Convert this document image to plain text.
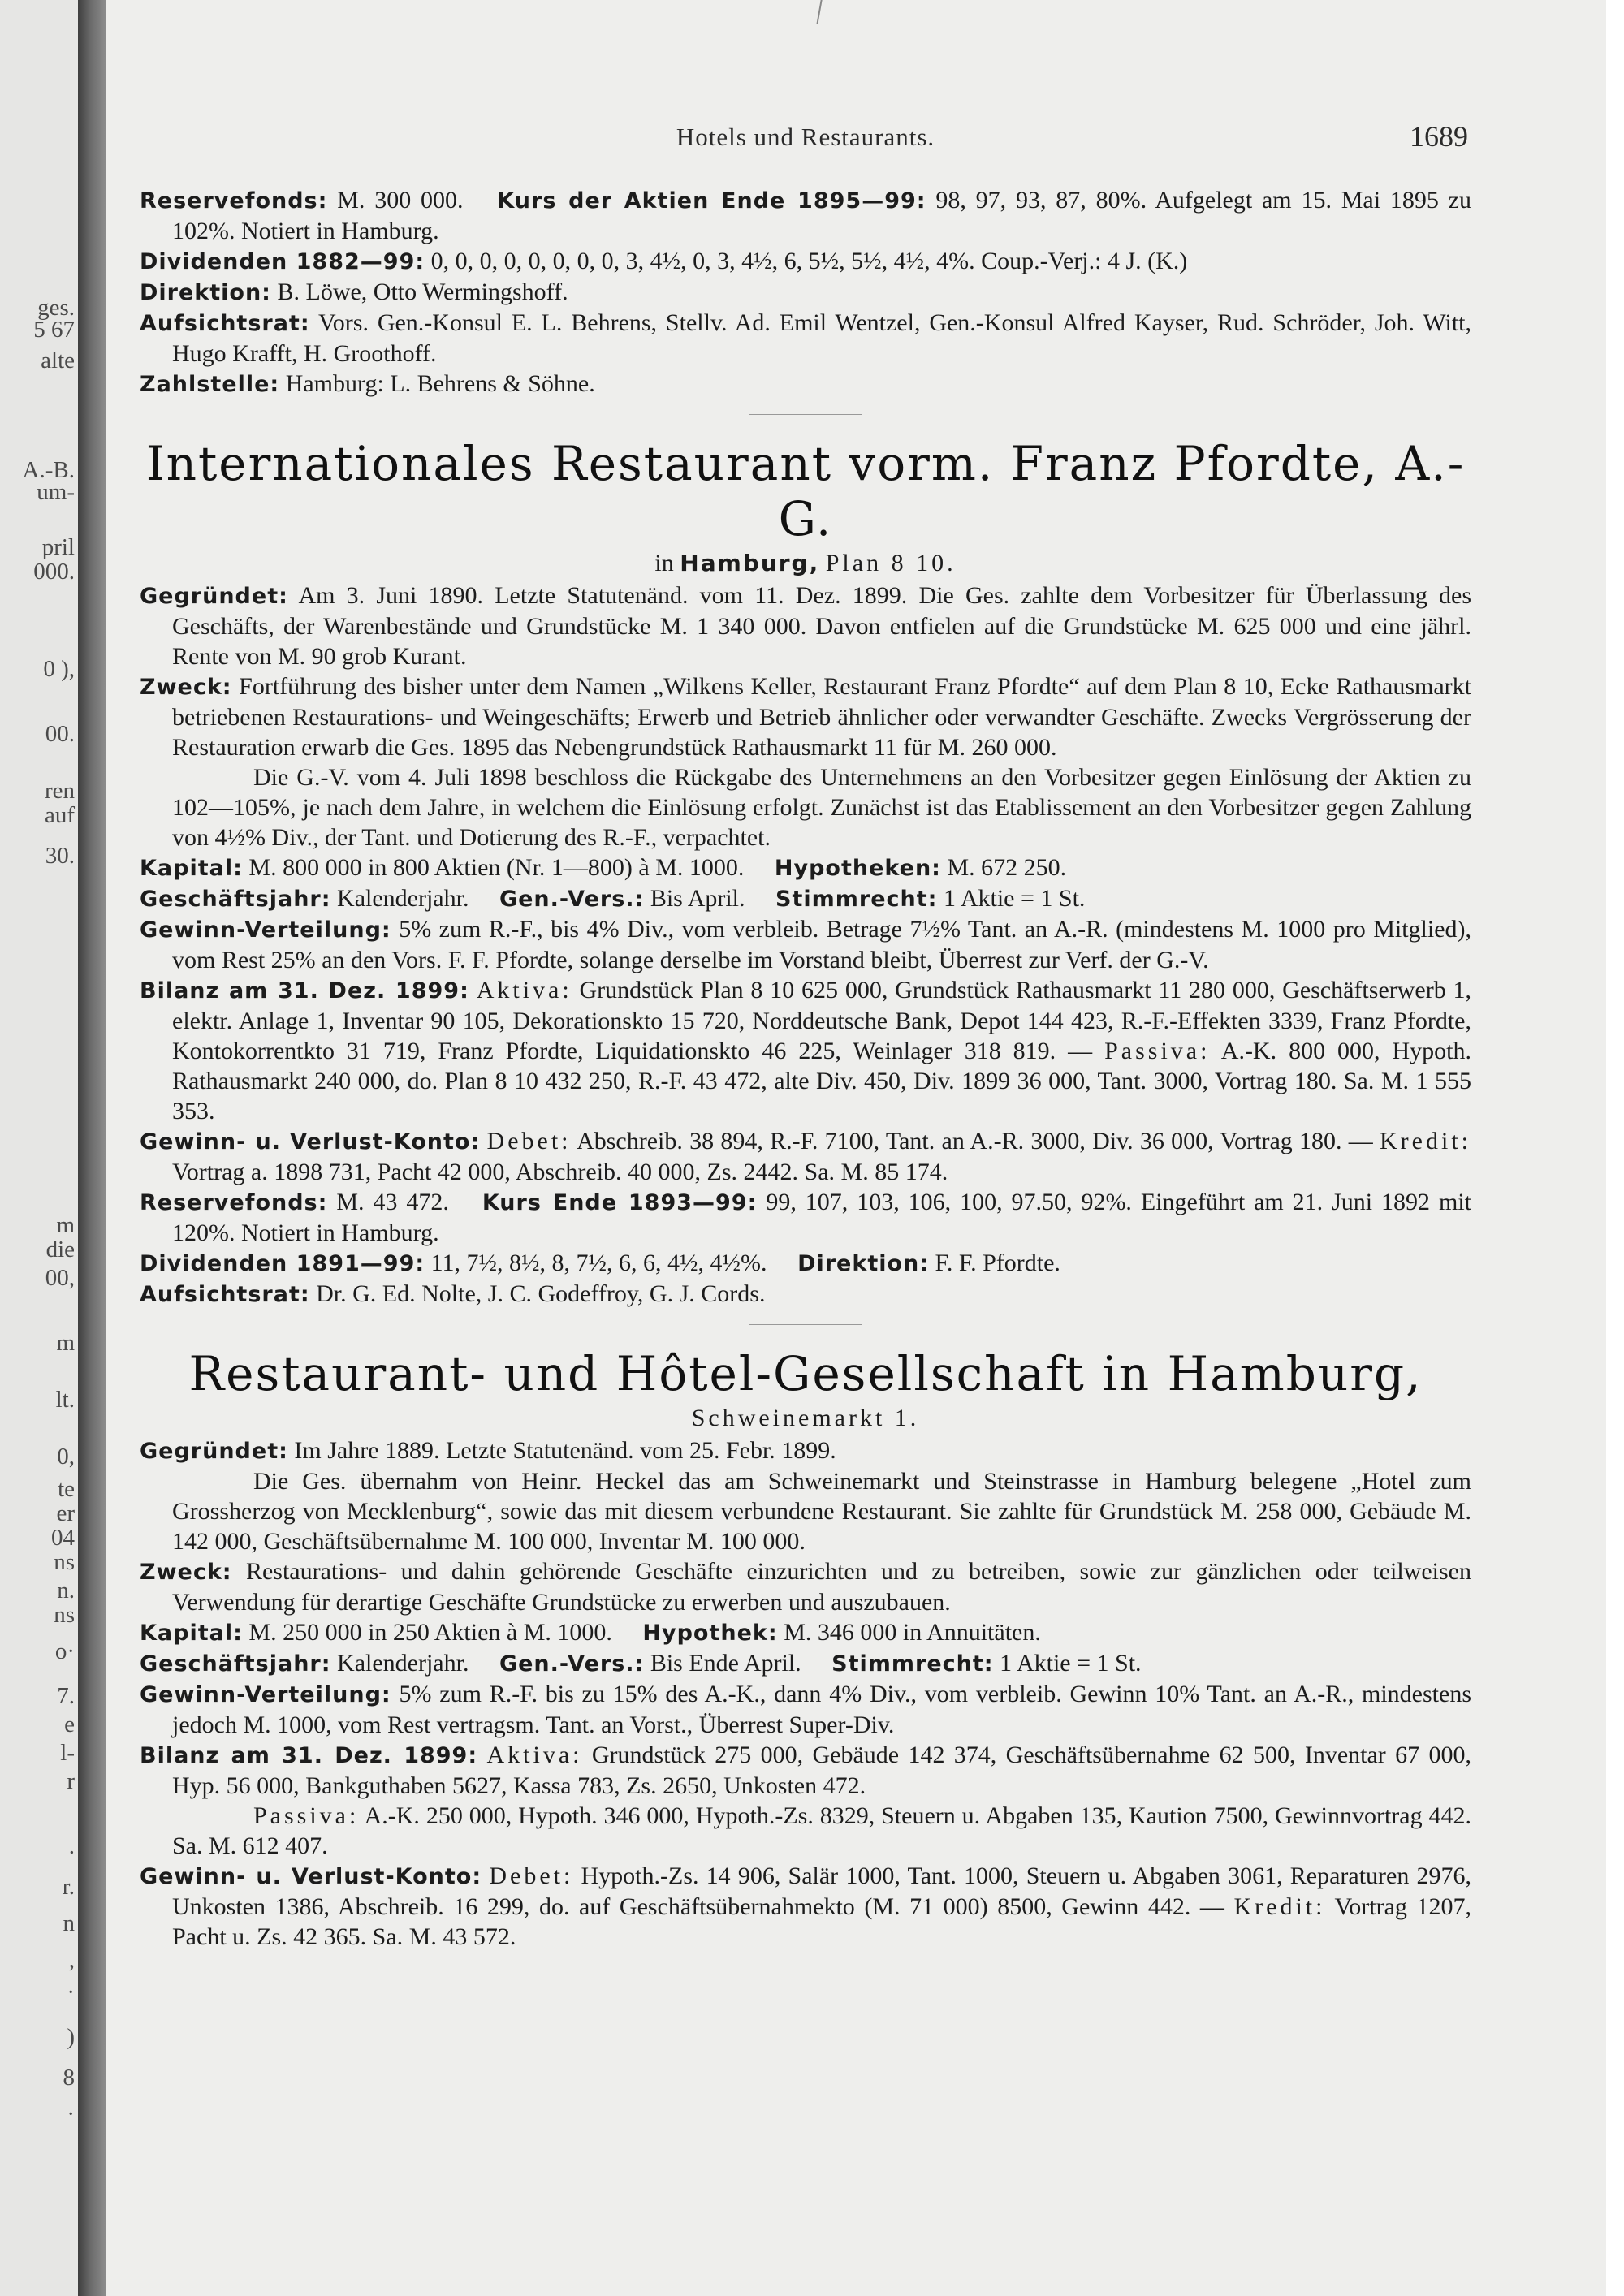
ges.
5 67
alte
A.-B.
um-
pril
000.
0 ),
00.
ren
auf
30.
m
die
00,
m
lt.
0,
te
er
04
ns
n.
ns
o·
7.
e
l-
r
.
r.
n
,
·
)
8
·
Hotels und Restaurants.	1689

Reservefonds: M. 300 000. Kurs der Aktien Ende 1895—99: 98, 97, 93, 87, 80%. Aufgelegt am 15. Mai 1895 zu 102%. Notiert in Hamburg.

Dividenden 1882—99: 0, 0, 0, 0, 0, 0, 0, 0, 3, 4½, 0, 3, 4½, 6, 5½, 5½, 4½, 4%. Coup.-Verj.: 4 J. (K.)

Direktion: B. Löwe, Otto Wermingshoff.

Aufsichtsrat: Vors. Gen.-Konsul E. L. Behrens, Stellv. Ad. Emil Wentzel, Gen.-Konsul Alfred Kayser, Rud. Schröder, Joh. Witt, Hugo Krafft, H. Groothoff.

Zahlstelle: Hamburg: L. Behrens & Söhne.

Internationales Restaurant vorm. Franz Pfordte, A.-G.
in Hamburg, Plan 8 10.

Gegründet: Am 3. Juni 1890. Letzte Statutenänd. vom 11. Dez. 1899. Die Ges. zahlte dem Vorbesitzer für Überlassung des Geschäfts, der Warenbestände und Grundstücke M. 1 340 000. Davon entfielen auf die Grundstücke M. 625 000 und eine jährl. Rente von M. 90 grob Kurant.

Zweck: Fortführung des bisher unter dem Namen „Wilkens Keller, Restaurant Franz Pfordte“ auf dem Plan 8 10, Ecke Rathausmarkt betriebenen Restaurations- und Weingeschäfts; Erwerb und Betrieb ähnlicher oder verwandter Geschäfte. Zwecks Vergrösserung der Restauration erwarb die Ges. 1895 das Nebengrundstück Rathausmarkt 11 für M. 260 000.

Die G.-V. vom 4. Juli 1898 beschloss die Rückgabe des Unternehmens an den Vorbesitzer gegen Einlösung der Aktien zu 102—105%, je nach dem Jahre, in welchem die Einlösung erfolgt. Zunächst ist das Etablissement an den Vorbesitzer gegen Zahlung von 4½% Div., der Tant. und Dotierung des R.-F., verpachtet.

Kapital: M. 800 000 in 800 Aktien (Nr. 1—800) à M. 1000. Hypotheken: M. 672 250.

Geschäftsjahr: Kalenderjahr. Gen.-Vers.: Bis April. Stimmrecht: 1 Aktie = 1 St.

Gewinn-Verteilung: 5% zum R.-F., bis 4% Div., vom verbleib. Betrage 7½% Tant. an A.-R. (mindestens M. 1000 pro Mitglied), vom Rest 25% an den Vors. F. F. Pfordte, solange derselbe im Vorstand bleibt, Überrest zur Verf. der G.-V.

Bilanz am 31. Dez. 1899: Aktiva: Grundstück Plan 8 10 625 000, Grundstück Rathausmarkt 11 280 000, Geschäftserwerb 1, elektr. Anlage 1, Inventar 90 105, Dekorationskto 15 720, Norddeutsche Bank, Depot 144 423, R.-F.-Effekten 3339, Franz Pfordte, Kontokorrentkto 31 719, Franz Pfordte, Liquidationskto 46 225, Weinlager 318 819. — Passiva: A.-K. 800 000, Hypoth. Rathausmarkt 240 000, do. Plan 8 10 432 250, R.-F. 43 472, alte Div. 450, Div. 1899 36 000, Tant. 3000, Vortrag 180. Sa. M. 1 555 353.

Gewinn- u. Verlust-Konto: Debet: Abschreib. 38 894, R.-F. 7100, Tant. an A.-R. 3000, Div. 36 000, Vortrag 180. — Kredit: Vortrag a. 1898 731, Pacht 42 000, Abschreib. 40 000, Zs. 2442. Sa. M. 85 174.

Reservefonds: M. 43 472. Kurs Ende 1893—99: 99, 107, 103, 106, 100, 97.50, 92%. Eingeführt am 21. Juni 1892 mit 120%. Notiert in Hamburg.

Dividenden 1891—99: 11, 7½, 8½, 8, 7½, 6, 6, 4½, 4½%. Direktion: F. F. Pfordte.

Aufsichtsrat: Dr. G. Ed. Nolte, J. C. Godeffroy, G. J. Cords.

Restaurant- und Hôtel-Gesellschaft in Hamburg,
Schweinemarkt 1.

Gegründet: Im Jahre 1889. Letzte Statutenänd. vom 25. Febr. 1899.

Die Ges. übernahm von Heinr. Heckel das am Schweinemarkt und Steinstrasse in Hamburg belegene „Hotel zum Grossherzog von Mecklenburg“, sowie das mit diesem verbundene Restaurant. Sie zahlte für Grundstück M. 258 000, Gebäude M. 142 000, Geschäftsübernahme M. 100 000, Inventar M. 100 000.

Zweck: Restaurations- und dahin gehörende Geschäfte einzurichten und zu betreiben, sowie zur gänzlichen oder teilweisen Verwendung für derartige Geschäfte Grundstücke zu erwerben und auszubauen.

Kapital: M. 250 000 in 250 Aktien à M. 1000. Hypothek: M. 346 000 in Annuitäten.

Geschäftsjahr: Kalenderjahr. Gen.-Vers.: Bis Ende April. Stimmrecht: 1 Aktie = 1 St.

Gewinn-Verteilung: 5% zum R.-F. bis zu 15% des A.-K., dann 4% Div., vom verbleib. Gewinn 10% Tant. an A.-R., mindestens jedoch M. 1000, vom Rest vertragsm. Tant. an Vorst., Überrest Super-Div.

Bilanz am 31. Dez. 1899: Aktiva: Grundstück 275 000, Gebäude 142 374, Geschäftsübernahme 62 500, Inventar 67 000, Hyp. 56 000, Bankguthaben 5627, Kassa 783, Zs. 2650, Unkosten 472.

Passiva: A.-K. 250 000, Hypoth. 346 000, Hypoth.-Zs. 8329, Steuern u. Abgaben 135, Kaution 7500, Gewinnvortrag 442. Sa. M. 612 407.

Gewinn- u. Verlust-Konto: Debet: Hypoth.-Zs. 14 906, Salär 1000, Tant. 1000, Steuern u. Abgaben 3061, Reparaturen 2976, Unkosten 1386, Abschreib. 16 299, do. auf Geschäftsübernahmekto (M. 71 000) 8500, Gewinn 442. — Kredit: Vortrag 1207, Pacht u. Zs. 42 365. Sa. M. 43 572.
